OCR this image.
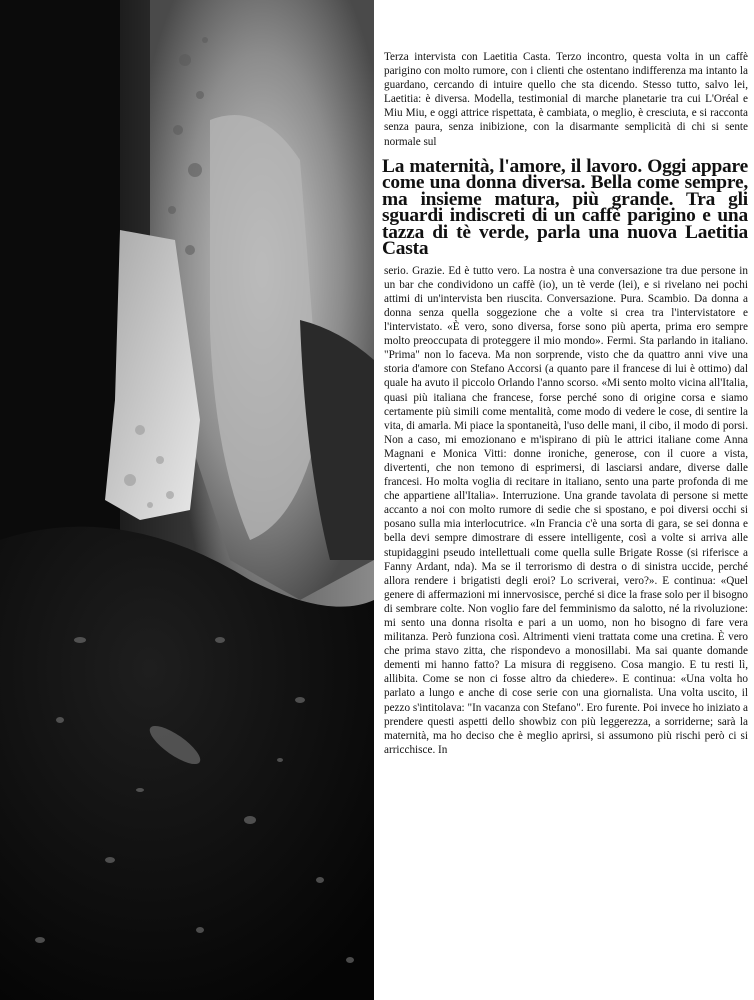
Terza intervista con Laetitia Casta. Terzo incontro, questa volta in un caffè parigino con molto rumore, con i clienti che ostentano indifferenza ma intanto la guardano, cercando di intuire quello che sta dicendo. Stesso tutto, salvo lei, Laetitia: è diversa. Modella, testimonial di marche planetarie tra cui L'Oréal e Miu Miu, e oggi attrice rispettata, è cambiata, o meglio, è cresciuta, e si racconta senza paura, senza inibizione, con la disarmante semplicità di chi si sente normale sul

La maternità, l'amore, il lavoro. Oggi appare come una donna diversa. Bella come sempre, ma insieme matura, più grande. Tra gli sguardi indiscreti di un caffè parigino e una tazza di tè verde, parla una nuova Laetitia Casta

serio. Grazie. Ed è tutto vero. La nostra è una conversazione tra due persone in un bar che condividono un caffè (io), un tè verde (lei), e si rivelano nei pochi attimi di un'intervista ben riuscita. Conversazione. Pura. Scambio. Da donna a donna senza quella soggezione che a volte si crea tra l'intervistatore e l'intervistato. «È vero, sono diversa, forse sono più aperta, prima ero sempre molto preoccupata di proteggere il mio mondo». Fermi. Sta parlando in italiano. "Prima" non lo faceva. Ma non sorprende, visto che da quattro anni vive una storia d'amore con Stefano Accorsi (a quanto pare il francese di lui è ottimo) dal quale ha avuto il piccolo Orlando l'anno scorso. «Mi sento molto vicina all'Italia, quasi più italiana che francese, forse perché sono di origine corsa e siamo certamente più simili come mentalità, come modo di vedere le cose, di sentire la vita, di amarla. Mi piace la spontaneità, l'uso delle mani, il cibo, il modo di porsi. Non a caso, mi emozionano e m'ispirano di più le attrici italiane come Anna Magnani e Monica Vitti: donne ironiche, generose, con il cuore a vista, divertenti, che non temono di esprimersi, di lasciarsi andare, diverse dalle francesi. Ho molta voglia di recitare in italiano, sento una parte profonda di me che appartiene all'Italia». Interruzione. Una grande tavolata di persone si mette accanto a noi con molto rumore di sedie che si spostano, e poi diversi occhi si posano sulla mia interlocutrice. «In Francia c'è una sorta di gara, se sei donna e bella devi sempre dimostrare di essere intelligente, così a volte si arriva alle stupidaggini pseudo intellettuali come quella sulle Brigate Rosse (si riferisce a Fanny Ardant, nda). Ma se il terrorismo di destra o di sinistra uccide, perché allora rendere i brigatisti degli eroi? Lo scriverai, vero?». E continua: «Quel genere di affermazioni mi innervosisce, perché si dice la frase solo per il bisogno di sembrare colte. Non voglio fare del femminismo da salotto, né la rivoluzione: mi sento una donna risolta e pari a un uomo, non ho bisogno di fare vera militanza. Però funziona così. Altrimenti vieni trattata come una cretina. È vero che prima stavo zitta, che rispondevo a monosillabi. Ma sai quante domande dementi mi hanno fatto? La misura di reggiseno. Cosa mangio. E tu resti lì, allibita. Come se non ci fosse altro da chiedere». E continua: «Una volta ho parlato a lungo e anche di cose serie con una giornalista. Una volta uscito, il pezzo s'intitolava: "In vacanza con Stefano". Ero furente. Poi invece ho iniziato a prendere questi aspetti dello showbiz con più leggerezza, a sorriderne; sarà la maternità, ma ho deciso che è meglio aprirsi, si assumono più rischi però ci si arricchisce. In
